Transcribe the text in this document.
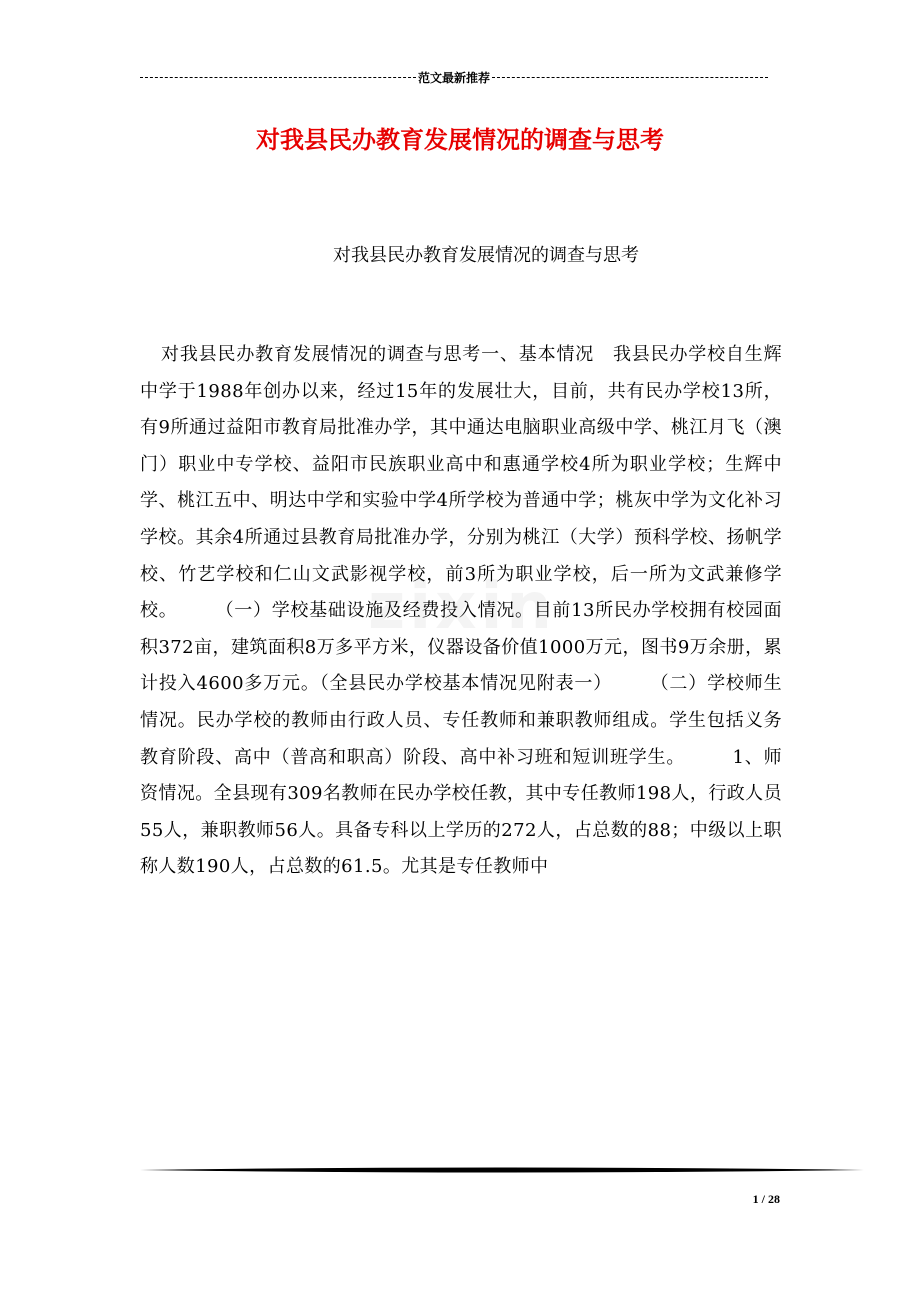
范文最新推荐
对我县民办教育发展情况的调查与思考

对我县民办教育发展情况的调查与思考

zixin

对我县民办教育发展情况的调查与思考一、基本情况　我县民办学校自生辉中学于1988年创办以来，经过15年的发展壮大，目前，共有民办学校13所，有9所通过益阳市教育局批准办学，其中通达电脑职业高级中学、桃江月飞（澳门）职业中专学校、益阳市民族职业高中和惠通学校4所为职业学校；生辉中学、桃江五中、明达中学和实验中学4所学校为普通中学；桃灰中学为文化补习学校。其余4所通过县教育局批准办学，分别为桃江（大学）预科学校、扬帆学校、竹艺学校和仁山文武影视学校，前3所为职业学校，后一所为文武兼修学校。　　　（一）学校基础设施及经费投入情况。目前13所民办学校拥有校园面积372亩，建筑面积8万多平方米，仪器设备价值1000万元，图书9万余册，累计投入4600多万元。（全县民办学校基本情况见附表一）　　　（二）学校师生情况。民办学校的教师由行政人员、专任教师和兼职教师组成。学生包括义务教育阶段、高中（普高和职高）阶段、高中补习班和短训班学生。　　　1、师资情况。全县现有309名教师在民办学校任教，其中专任教师198人，行政人员55人，兼职教师56人。具备专科以上学历的272人，占总数的88；中级以上职称人数190人，占总数的61.5。尤其是专任教师中

1 / 28
